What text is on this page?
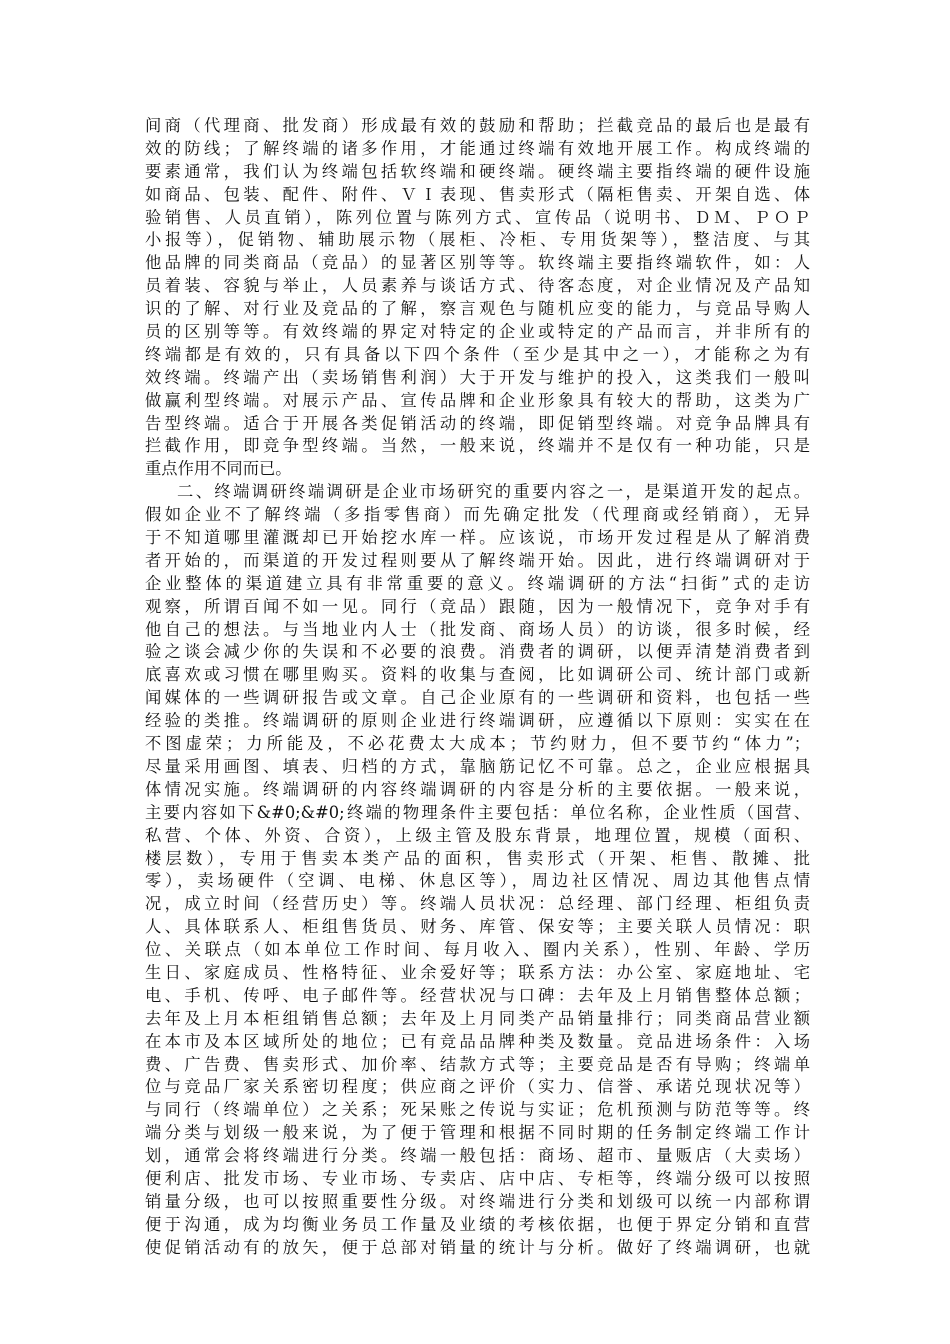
间商（代理商、批发商）形成最有效的鼓励和帮助；拦截竞品的最后也是最有
效的防线；了解终端的诸多作用，才能通过终端有效地开展工作。构成终端的
要素通常，我们认为终端包括软终端和硬终端。硬终端主要指终端的硬件设施
如商品、包装、配件、附件、ＶＩ表现、售卖形式（隔柜售卖、开架自选、体
验销售、人员直销），陈列位置与陈列方式、宣传品（说明书、ＤＭ、ＰＯＰ
小报等），促销物、辅助展示物（展柜、冷柜、专用货架等），整洁度、与其
他品牌的同类商品（竞品）的显著区别等等。软终端主要指终端软件，如：人
员着装、容貌与举止，人员素养与谈话方式、待客态度，对企业情况及产品知
识的了解、对行业及竞品的了解，察言观色与随机应变的能力，与竞品导购人
员的区别等等。有效终端的界定对特定的企业或特定的产品而言，并非所有的
终端都是有效的，只有具备以下四个条件（至少是其中之一），才能称之为有
效终端。终端产出（卖场销售利润）大于开发与维护的投入，这类我们一般叫
做赢利型终端。对展示产品、宣传品牌和企业形象具有较大的帮助，这类为广
告型终端。适合于开展各类促销活动的终端，即促销型终端。对竞争品牌具有
拦截作用，即竞争型终端。当然，一般来说，终端并不是仅有一种功能，只是
重点作用不同而已。
二、终端调研终端调研是企业市场研究的重要内容之一，是渠道开发的起点。
假如企业不了解终端（多指零售商）而先确定批发（代理商或经销商），无异
于不知道哪里灌溉却已开始挖水库一样。应该说，市场开发过程是从了解消费
者开始的，而渠道的开发过程则要从了解终端开始。因此，进行终端调研对于
企业整体的渠道建立具有非常重要的意义。终端调研的方法“扫街”式的走访
观察，所谓百闻不如一见。同行（竞品）跟随，因为一般情况下，竞争对手有
他自己的想法。与当地业内人士（批发商、商场人员）的访谈，很多时候，经
验之谈会减少你的失误和不必要的浪费。消费者的调研，以便弄清楚消费者到
底喜欢或习惯在哪里购买。资料的收集与查阅，比如调研公司、统计部门或新
闻媒体的一些调研报告或文章。自己企业原有的一些调研和资料，也包括一些
经验的类推。终端调研的原则企业进行终端调研，应遵循以下原则：实实在在
不图虚荣；力所能及，不必花费太大成本；节约财力，但不要节约“体力”；
尽量采用画图、填表、归档的方式，靠脑筋记忆不可靠。总之，企业应根据具
体情况实施。终端调研的内容终端调研的内容是分析的主要依据。一般来说，
主要内容如下&#0;&#0;终端的物理条件主要包括：单位名称，企业性质（国营、
私营、个体、外资、合资），上级主管及股东背景，地理位置，规模（面积、
楼层数），专用于售卖本类产品的面积，售卖形式（开架、柜售、散摊、批
零），卖场硬件（空调、电梯、休息区等），周边社区情况、周边其他售点情
况，成立时间（经营历史）等。终端人员状况：总经理、部门经理、柜组负责
人、具体联系人、柜组售货员、财务、库管、保安等；主要关联人员情况：职
位、关联点（如本单位工作时间、每月收入、圈内关系），性别、年龄、学历
生日、家庭成员、性格特征、业余爱好等；联系方法：办公室、家庭地址、宅
电、手机、传呼、电子邮件等。经营状况与口碑：去年及上月销售整体总额；
去年及上月本柜组销售总额；去年及上月同类产品销量排行；同类商品营业额
在本市及本区域所处的地位；已有竞品品牌种类及数量。竞品进场条件：入场
费、广告费、售卖形式、加价率、结款方式等；主要竞品是否有导购；终端单
位与竞品厂家关系密切程度；供应商之评价（实力、信誉、承诺兑现状况等）
与同行（终端单位）之关系；死呆账之传说与实证；危机预测与防范等等。终
端分类与划级一般来说，为了便于管理和根据不同时期的任务制定终端工作计
划，通常会将终端进行分类。终端一般包括：商场、超市、量贩店（大卖场）
便利店、批发市场、专业市场、专卖店、店中店、专柜等，终端分级可以按照
销量分级，也可以按照重要性分级。对终端进行分类和划级可以统一内部称谓
便于沟通，成为均衡业务员工作量及业绩的考核依据，也便于界定分销和直营
使促销活动有的放矢，便于总部对销量的统计与分析。做好了终端调研，也就
